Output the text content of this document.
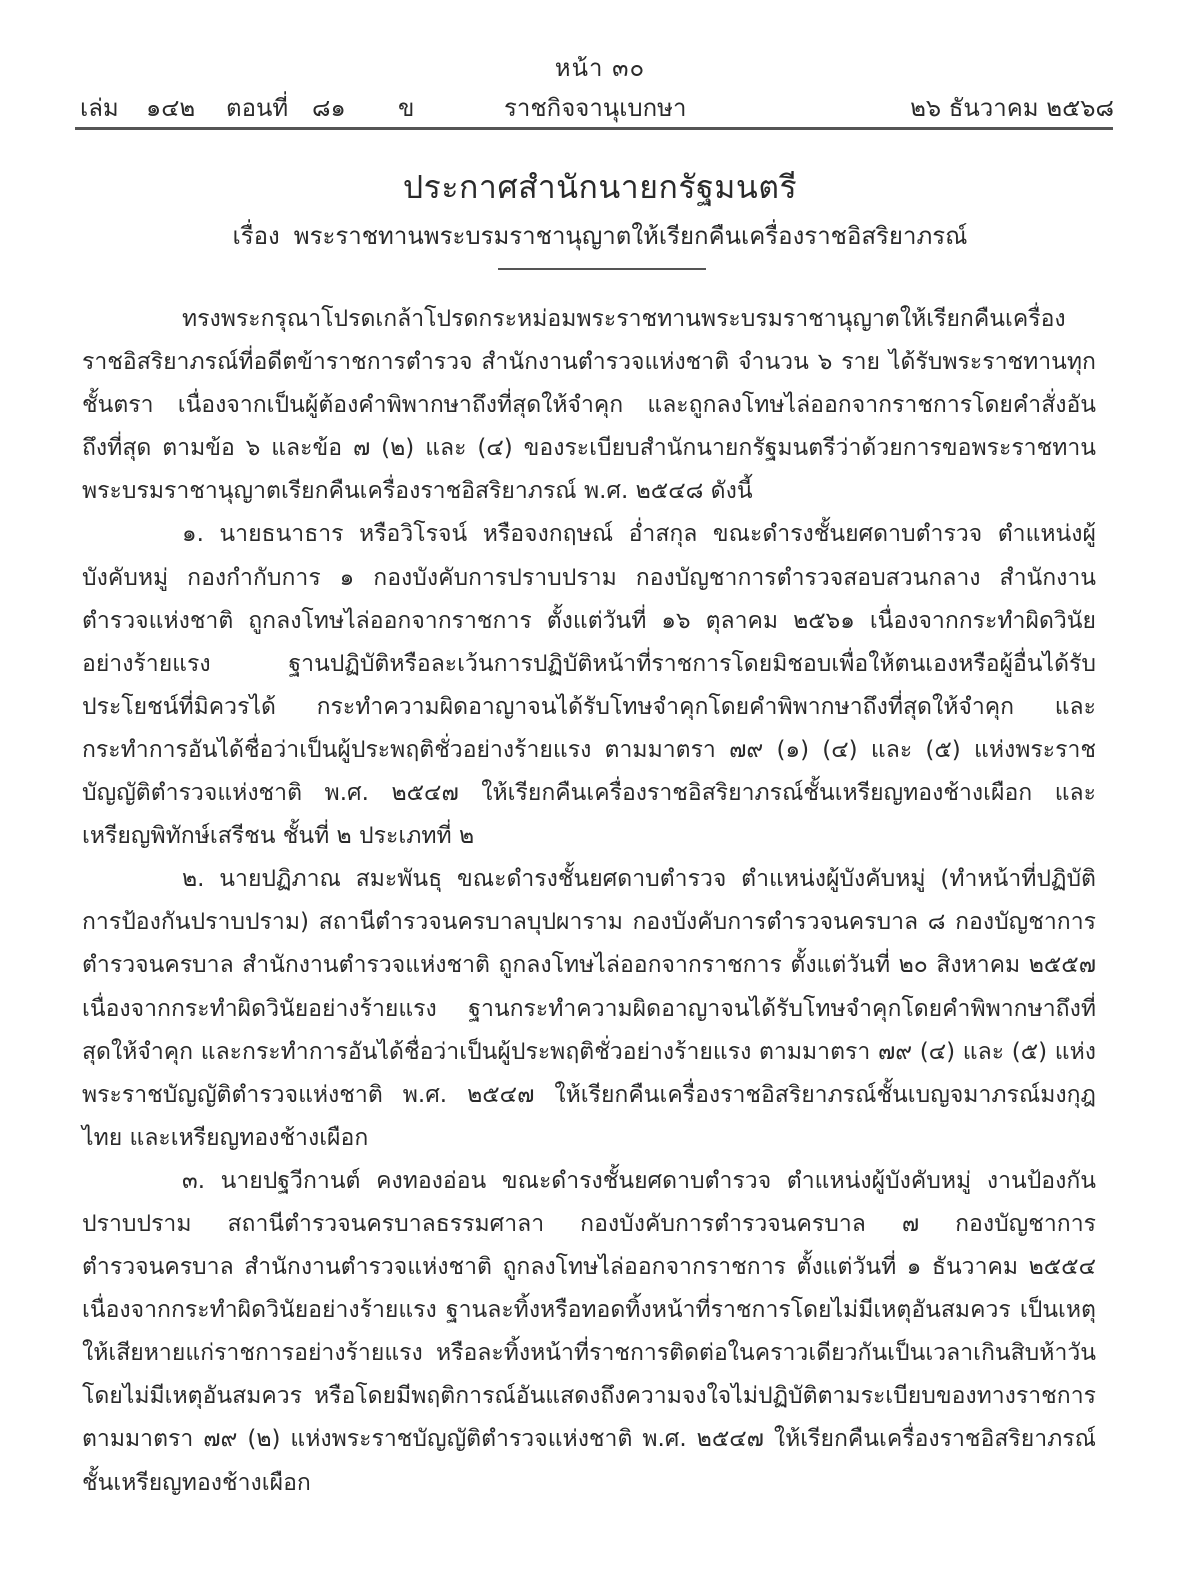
หน้า ๓๐
เล่ม ๑๔๒ ตอนที่ ๘๑ ข	ราชกิจจานุเบกษา	๒๖ ธันวาคม ๒๕๖๘
ประกาศสำนักนายกรัฐมนตรี
เรื่อง พระราชทานพระบรมราชานุญาตให้เรียกคืนเครื่องราชอิสริยาภรณ์

ทรงพระกรุณาโปรดเกล้าโปรดกระหม่อมพระราชทานพระบรมราชานุญาตให้เรียกคืนเครื่องราชอิสริยาภรณ์ที่อดีตข้าราชการตำรวจ สำนักงานตำรวจแห่งชาติ จำนวน ๖ ราย ได้รับพระราชทานทุกชั้นตรา เนื่องจากเป็นผู้ต้องคำพิพากษาถึงที่สุดให้จำคุก และถูกลงโทษไล่ออกจากราชการโดยคำสั่งอันถึงที่สุด ตามข้อ ๖ และข้อ ๗ (๒) และ (๔) ของระเบียบสำนักนายกรัฐมนตรีว่าด้วยการขอพระราชทานพระบรมราชานุญาตเรียกคืนเครื่องราชอิสริยาภรณ์ พ.ศ. ๒๕๔๘ ดังนี้

๑. นายธนาธาร หรือวิโรจน์ หรือจงกฤษณ์ อ่ำสกุล ขณะดำรงชั้นยศดาบตำรวจ ตำแหน่งผู้บังคับหมู่ กองกำกับการ ๑ กองบังคับการปราบปราม กองบัญชาการตำรวจสอบสวนกลาง สำนักงานตำรวจแห่งชาติ ถูกลงโทษไล่ออกจากราชการ ตั้งแต่วันที่ ๑๖ ตุลาคม ๒๕๖๑ เนื่องจากกระทำผิดวินัยอย่างร้ายแรง ฐานปฏิบัติหรือละเว้นการปฏิบัติหน้าที่ราชการโดยมิชอบเพื่อให้ตนเองหรือผู้อื่นได้รับประโยชน์ที่มิควรได้ กระทำความผิดอาญาจนได้รับโทษจำคุกโดยคำพิพากษาถึงที่สุดให้จำคุก และกระทำการอันได้ชื่อว่าเป็นผู้ประพฤติชั่วอย่างร้ายแรง ตามมาตรา ๗๙ (๑) (๔) และ (๕) แห่งพระราชบัญญัติตำรวจแห่งชาติ พ.ศ. ๒๕๔๗ ให้เรียกคืนเครื่องราชอิสริยาภรณ์ชั้นเหรียญทองช้างเผือก และเหรียญพิทักษ์เสรีชน ชั้นที่ ๒ ประเภทที่ ๒

๒. นายปฏิภาณ สมะพันธุ ขณะดำรงชั้นยศดาบตำรวจ ตำแหน่งผู้บังคับหมู่ (ทำหน้าที่ปฏิบัติการป้องกันปราบปราม) สถานีตำรวจนครบาลบุปผาราม กองบังคับการตำรวจนครบาล ๘ กองบัญชาการตำรวจนครบาล สำนักงานตำรวจแห่งชาติ ถูกลงโทษไล่ออกจากราชการ ตั้งแต่วันที่ ๒๐ สิงหาคม ๒๕๕๗ เนื่องจากกระทำผิดวินัยอย่างร้ายแรง ฐานกระทำความผิดอาญาจนได้รับโทษจำคุกโดยคำพิพากษาถึงที่สุดให้จำคุก และกระทำการอันได้ชื่อว่าเป็นผู้ประพฤติชั่วอย่างร้ายแรง ตามมาตรา ๗๙ (๔) และ (๕) แห่งพระราชบัญญัติตำรวจแห่งชาติ พ.ศ. ๒๕๔๗ ให้เรียกคืนเครื่องราชอิสริยาภรณ์ชั้นเบญจมาภรณ์มงกุฎไทย และเหรียญทองช้างเผือก

๓. นายปฐวีกานต์ คงทองอ่อน ขณะดำรงชั้นยศดาบตำรวจ ตำแหน่งผู้บังคับหมู่ งานป้องกันปราบปราม สถานีตำรวจนครบาลธรรมศาลา กองบังคับการตำรวจนครบาล ๗ กองบัญชาการตำรวจนครบาล สำนักงานตำรวจแห่งชาติ ถูกลงโทษไล่ออกจากราชการ ตั้งแต่วันที่ ๑ ธันวาคม ๒๕๕๔ เนื่องจากกระทำผิดวินัยอย่างร้ายแรง ฐานละทิ้งหรือทอดทิ้งหน้าที่ราชการโดยไม่มีเหตุอันสมควร เป็นเหตุให้เสียหายแก่ราชการอย่างร้ายแรง หรือละทิ้งหน้าที่ราชการติดต่อในคราวเดียวกันเป็นเวลาเกินสิบห้าวันโดยไม่มีเหตุอันสมควร หรือโดยมีพฤติการณ์อันแสดงถึงความจงใจไม่ปฏิบัติตามระเบียบของทางราชการ ตามมาตรา ๗๙ (๒) แห่งพระราชบัญญัติตำรวจแห่งชาติ พ.ศ. ๒๕๔๗ ให้เรียกคืนเครื่องราชอิสริยาภรณ์ชั้นเหรียญทองช้างเผือก
